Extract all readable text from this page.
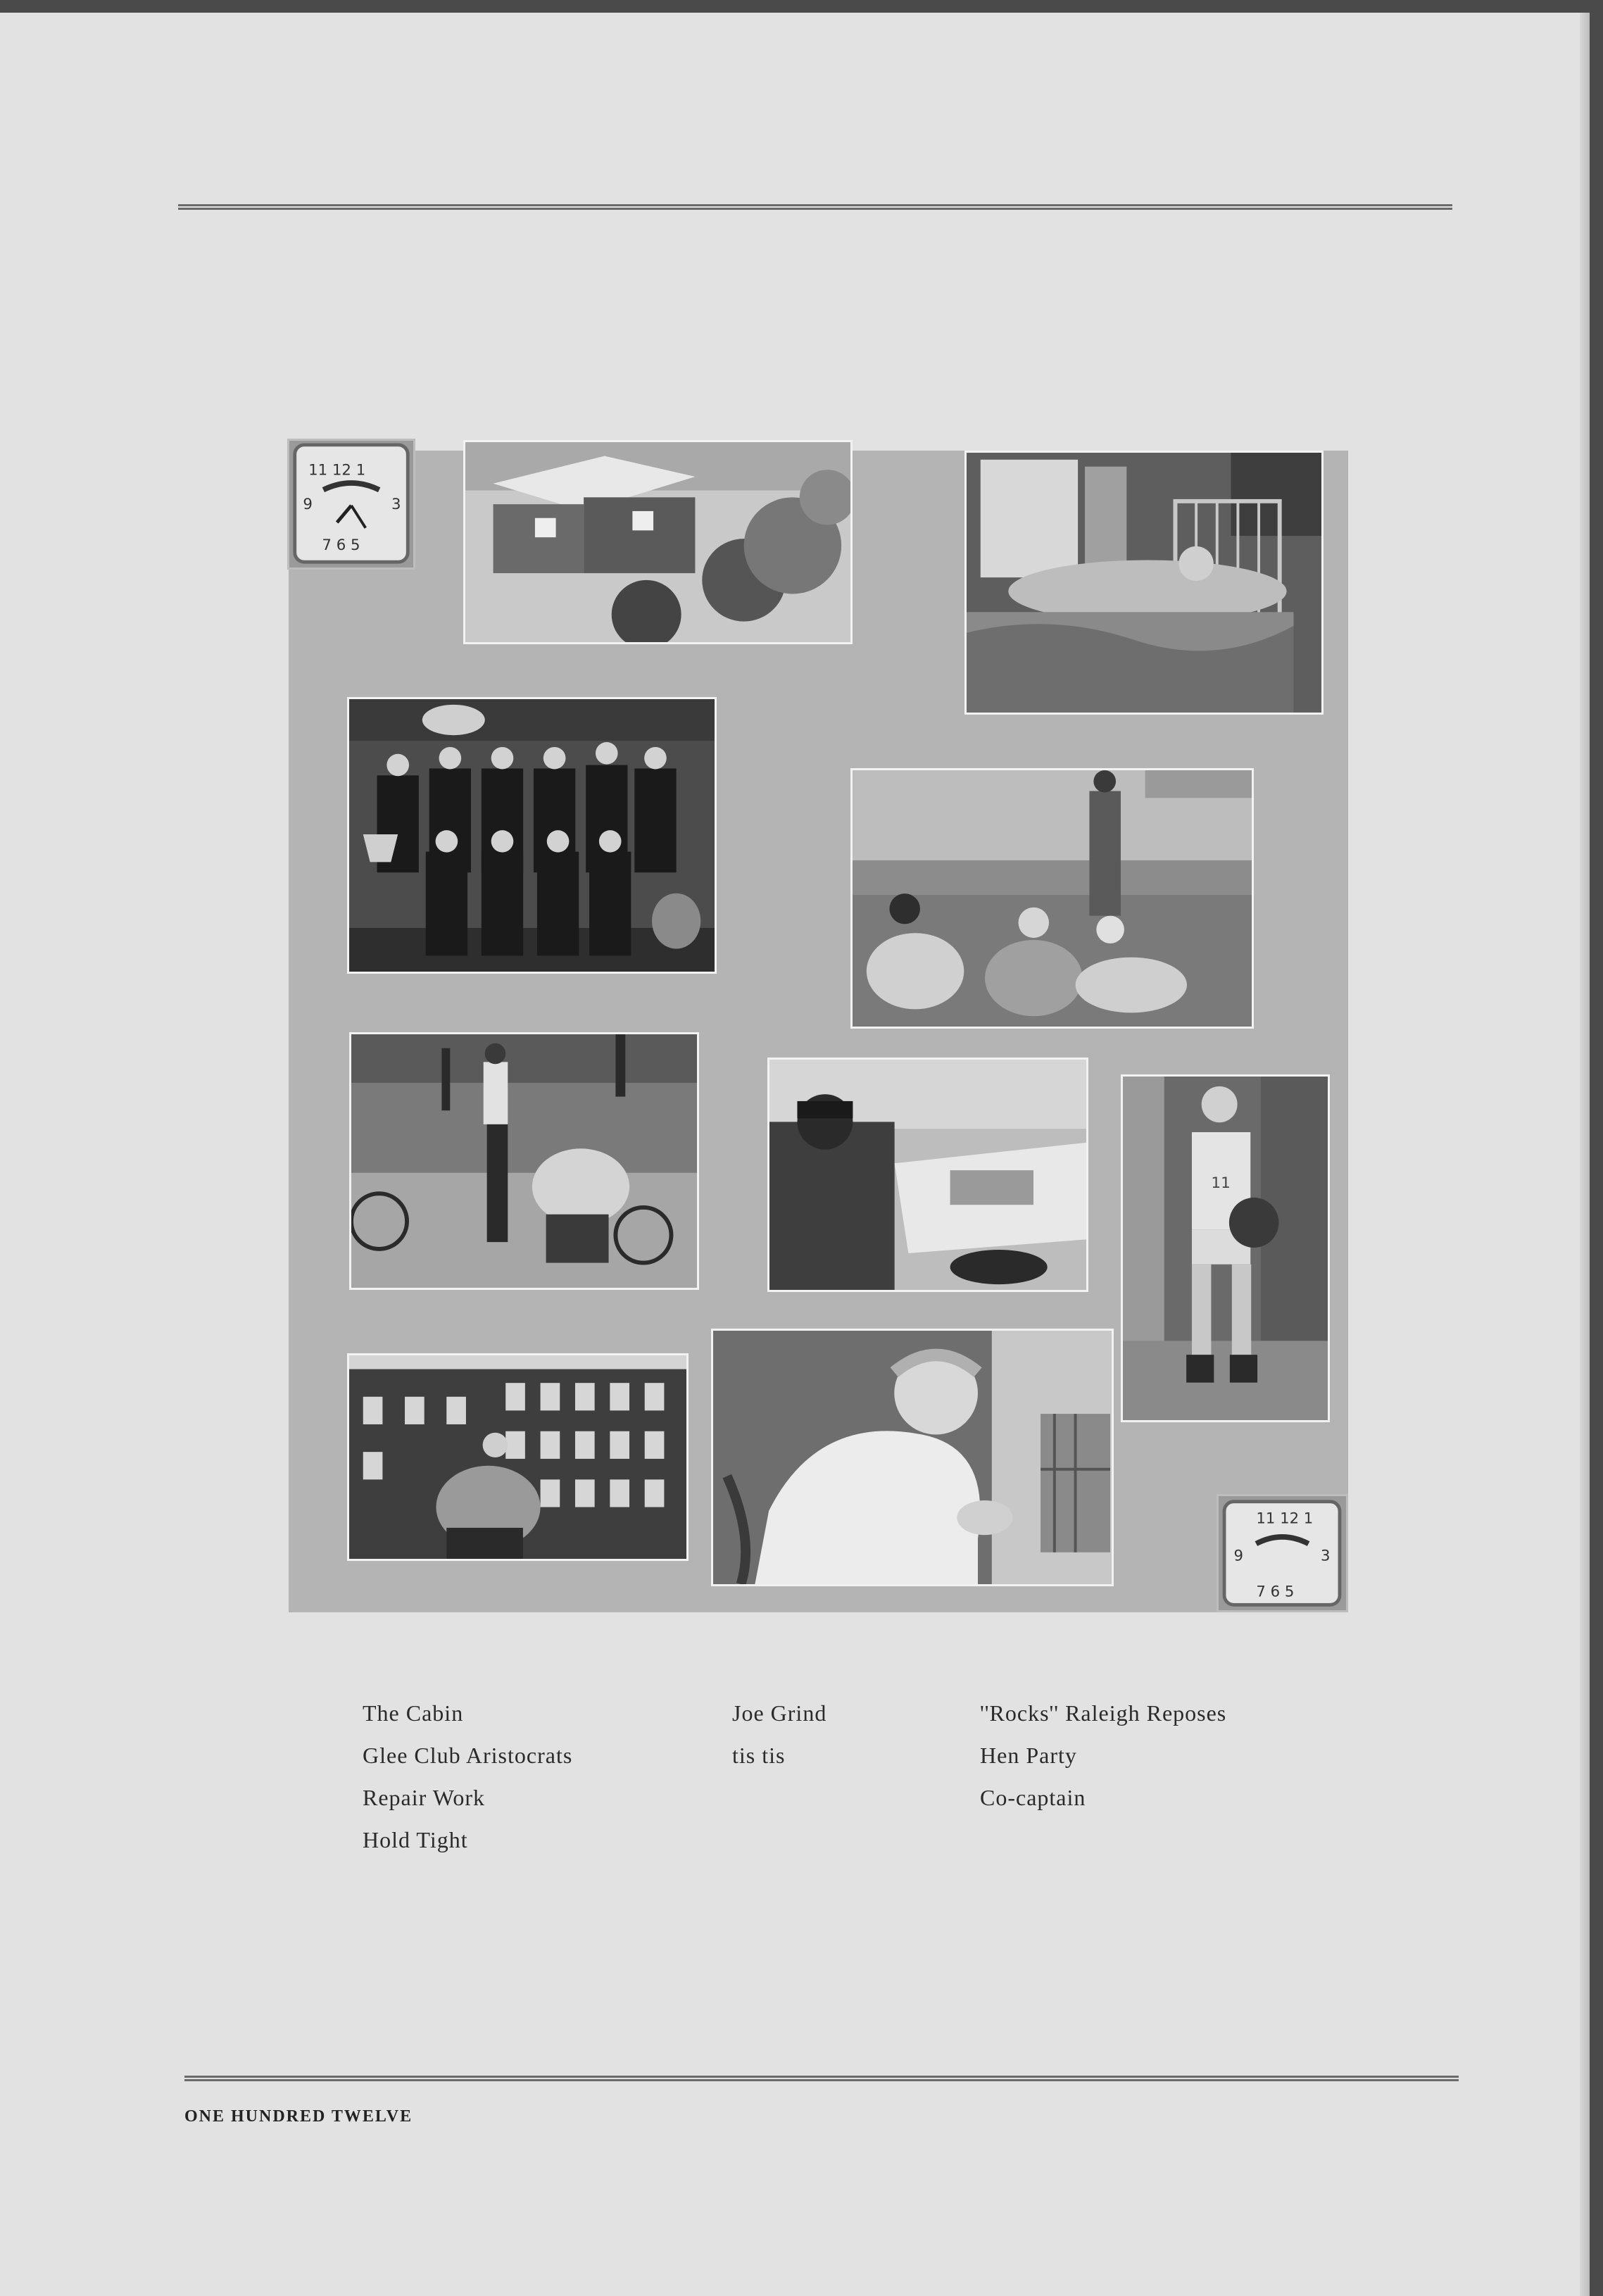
11 12 1
9	3
7 6 5
11
11 12 1
9	3
7 6 5
The Cabin
Glee Club Aristocrats
Repair Work
Hold Tight
Joe Grind
tis tis
''Rocks'' Raleigh Reposes
Hen Party
Co-captain
ONE HUNDRED TWELVE
